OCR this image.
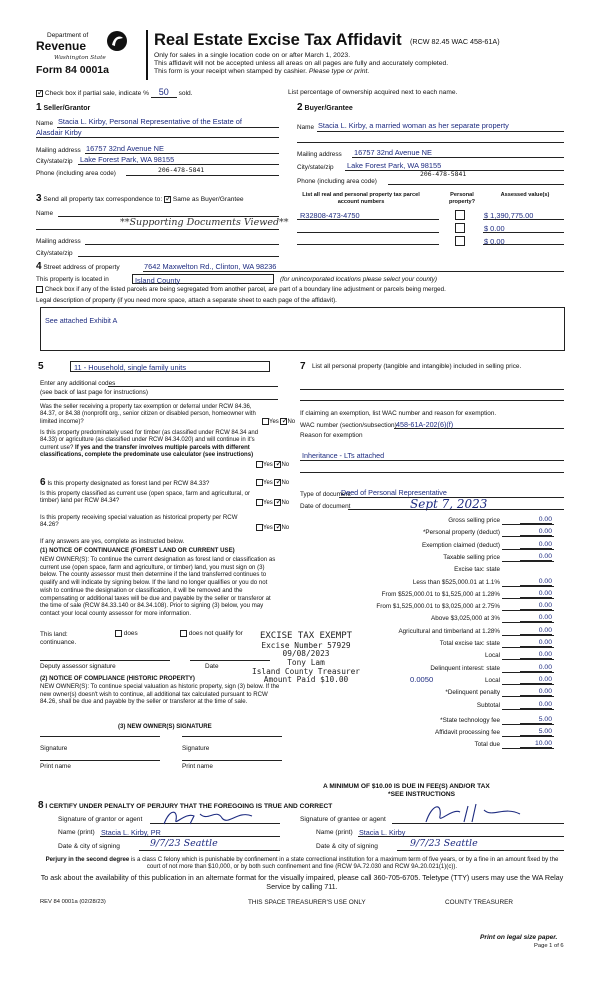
Department of
Revenue
Washington State
Form 84 0001a
Real Estate Excise Tax Affidavit (RCW 82.45 WAC 458-61A)
Only for sales in a single location code on or after March 1, 2023.
This affidavit will not be accepted unless all areas on all pages are fully and accurately completed.
This form is your receipt when stamped by cashier. Please type or print.
✓ Check box if partial sale, indicate % 50 sold.	List percentage of ownership acquired next to each name.
1 Seller/Grantor
Name Stacia L. Kirby, Personal Representative of the Estate of
Alasdair Kirby
Mailing address 16757 32nd Avenue NE
City/state/zip Lake Forest Park, WA 98155
Phone (including area code)	206-478-5841
2 Buyer/Grantee
Name Stacia L. Kirby, a married woman as her separate property
Mailing address 16757 32nd Avenue NE
City/state/zip Lake Forest Park, WA 98155
206-478-5841
Phone (including area code)
3 Send all property tax correspondence to: ✓ Same as Buyer/Grantee
Name
**Supporting Documents Viewed**
Mailing address
City/state/zip
List all real and personal property tax parcel account numbers
Personal property?
Assessed value(s)
R32808-473-4750	$ 1,390,775.00
$ 0.00
$ 0.00
4 Street address of property	7642 Maxwelton Rd., Clinton, WA 98236
This property is located in	Island County	(for unincorporated locations please select your county)
Check box if any of the listed parcels are being segregated from another parcel, are part of a boundary line adjustment or parcels being merged.
Legal description of property (if you need more space, attach a separate sheet to each page of the affidavit).
See attached Exhibit A
5	11 - Household, single family units
Enter any additional codes
(see back of last page for instructions)
Was the seller receiving a property tax exemption or deferral under RCW 84.36, 84.37, or 84.38 (nonprofit org., senior citizen or disabled person, homeowner with limited income)?	Yes ✓ No
Is this property predominately used for timber (as classified under RCW 84.34 and 84.33) or agriculture (as classified under RCW 84.34.020) and will continue in it's current use? If yes and the transfer involves multiple parcels with different classifications, complete the predominate use calculator (see instructions)
Yes ✓ No
6 Is this property designated as forest land per RCW 84.33?	Yes ✓ No
Is this property classified as current use (open space, farm and agricultural, or timber) land per RCW 84.34?	Yes ✓ No
Is this property receiving special valuation as historical property per RCW 84.26?	Yes ✓ No
If any answers are yes, complete as instructed below.
(1) NOTICE OF CONTINUANCE (FOREST LAND OR CURRENT USE)
NEW OWNER(S): To continue the current designation as forest land or classification as current use (open space, farm and agriculture, or timber) land, you must sign on (3) below. The county assessor must then determine if the land transferred continues to qualify and will indicate by signing below. If the land no longer qualifies or you do not wish to continue the designation or classification, it will be removed and the compensating or additional taxes will be due and payable by the seller or transferor at the time of sale (RCW 84.33.140 or 84.34.108). Prior to signing (3) below, you may contact your local county assessor for more information.
This land:
continuance.
does	does not qualify for
Deputy assessor signature	Date
(2) NOTICE OF COMPLIANCE (HISTORIC PROPERTY)
NEW OWNER(S): To continue special valuation as historic property, sign (3) below. If the new owner(s) doesn't wish to continue, all additional tax calculated pursuant to RCW 84.26, shall be due and payable by the seller or transferor at the time of sale.
(3) NEW OWNER(S) SIGNATURE
Signature	Signature
Print name	Print name
EXCISE TAX EXEMPT
Excise Number 57929
09/08/2023
Tony Lam
Island County Treasurer
Amount Paid $10.00
7 List all personal property (tangible and intangible) included in selling price.
If claiming an exemption, list WAC number and reason for exemption.
WAC number (section/subsection) 458-61A-202(6)(f)
Reason for exemption
Inheritance - LTs attached
Type of document
Deed of Personal Representative
Date of document	Sept 7, 2023
Gross selling price	0.00
*Personal property (deduct)	0.00
Exemption claimed (deduct)	0.00
Taxable selling price	0.00
Excise tax: state
Less than $525,000.01 at 1.1%	0.00
From $525,000.01 to $1,525,000 at 1.28%	0.00
From $1,525,000.01 to $3,025,000 at 2.75%	0.00
Above $3,025,000 at 3%	0.00
Agricultural and timberland at 1.28%	0.00
Total excise tax: state	0.00
Local	0.00
Delinquent interest: state	0.00
Local	0.00
*Delinquent penalty	0.00
Subtotal	0.00
*State technology fee	5.00
Affidavit processing fee	5.00
Total due	10.00
0.0050
A MINIMUM OF $10.00 IS DUE IN FEE(S) AND/OR TAX
*SEE INSTRUCTIONS
8 I CERTIFY UNDER PENALTY OF PERJURY THAT THE FOREGOING IS TRUE AND CORRECT
Signature of grantor or agent
Name (print) Stacia L. Kirby, PR
Date & city of signing	9/7/23 Seattle
Signature of grantee or agent
Name (print) Stacia L. Kirby
Date & city of signing	9/7/23 Seattle
Perjury in the second degree is a class C felony which is punishable by confinement in a state correctional institution for a maximum term of five years, or by a fine in an amount fixed by the court of not more than $10,000, or by both such confinement and fine (RCW 9A.72.030 and RCW 9A.20.021(1)(c)).
To ask about the availability of this publication in an alternate format for the visually impaired, please call 360-705-6705. Teletype (TTY) users may use the WA Relay Service by calling 711.
REV 84 0001a (02/28/23)	THIS SPACE TREASURER'S USE ONLY	COUNTY TREASURER
Print on legal size paper.
Page 1 of 6
